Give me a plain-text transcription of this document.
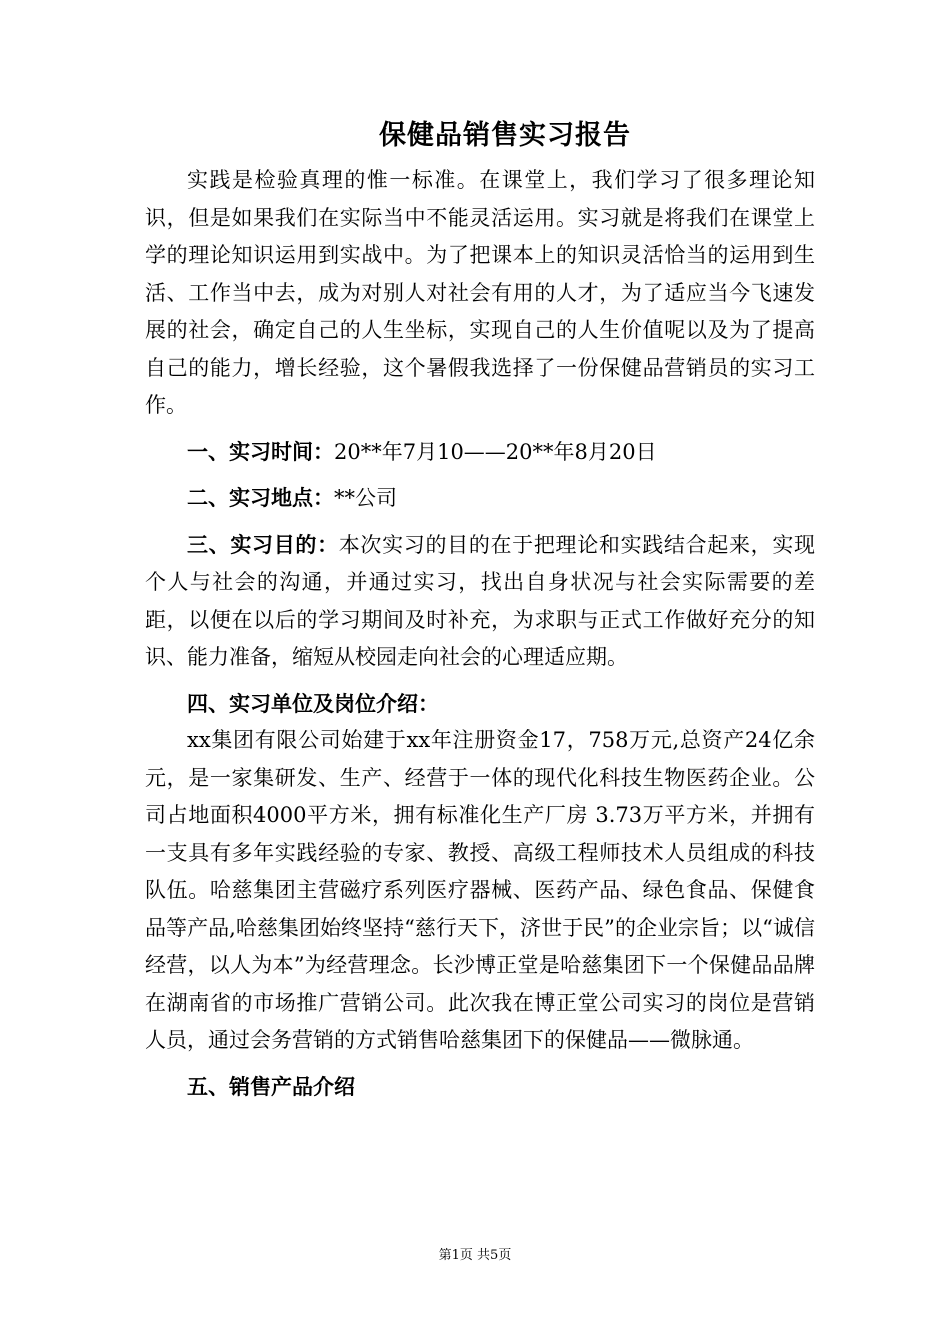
保健品销售实习报告

实践是检验真理的惟一标准。在课堂上，我们学习了很多理论知识，但是如果我们在实际当中不能灵活运用。实习就是将我们在课堂上学的理论知识运用到实战中。为了把课本上的知识灵活恰当的运用到生活、工作当中去，成为对别人对社会有用的人才，为了适应当今飞速发展的社会，确定自己的人生坐标，实现自己的人生价值呢以及为了提高自己的能力，增长经验，这个暑假我选择了一份保健品营销员的实习工作。

一、实习时间：20**年7月10——20**年8月20日

二、实习地点：**公司

三、实习目的：本次实习的目的在于把理论和实践结合起来，实现个人与社会的沟通，并通过实习，找出自身状况与社会实际需要的差距，以便在以后的学习期间及时补充，为求职与正式工作做好充分的知识、能力准备，缩短从校园走向社会的心理适应期。

四、实习单位及岗位介绍：

xx集团有限公司始建于xx年注册资金17，758万元,总资产24亿余元，是一家集研发、生产、经营于一体的现代化科技生物医药企业。公司占地面积4000平方米，拥有标准化生产厂房 3.73万平方米，并拥有一支具有多年实践经验的专家、教授、高级工程师技术人员组成的科技队伍。哈慈集团主营磁疗系列医疗器械、医药产品、绿色食品、保健食品等产品,哈慈集团始终坚持“慈行天下，济世于民”的企业宗旨；以“诚信经营，以人为本”为经营理念。长沙博正堂是哈慈集团下一个保健品品牌在湖南省的市场推广营销公司。此次我在博正堂公司实习的岗位是营销人员，通过会务营销的方式销售哈慈集团下的保健品——微脉通。

五、销售产品介绍

第1页 共5页
